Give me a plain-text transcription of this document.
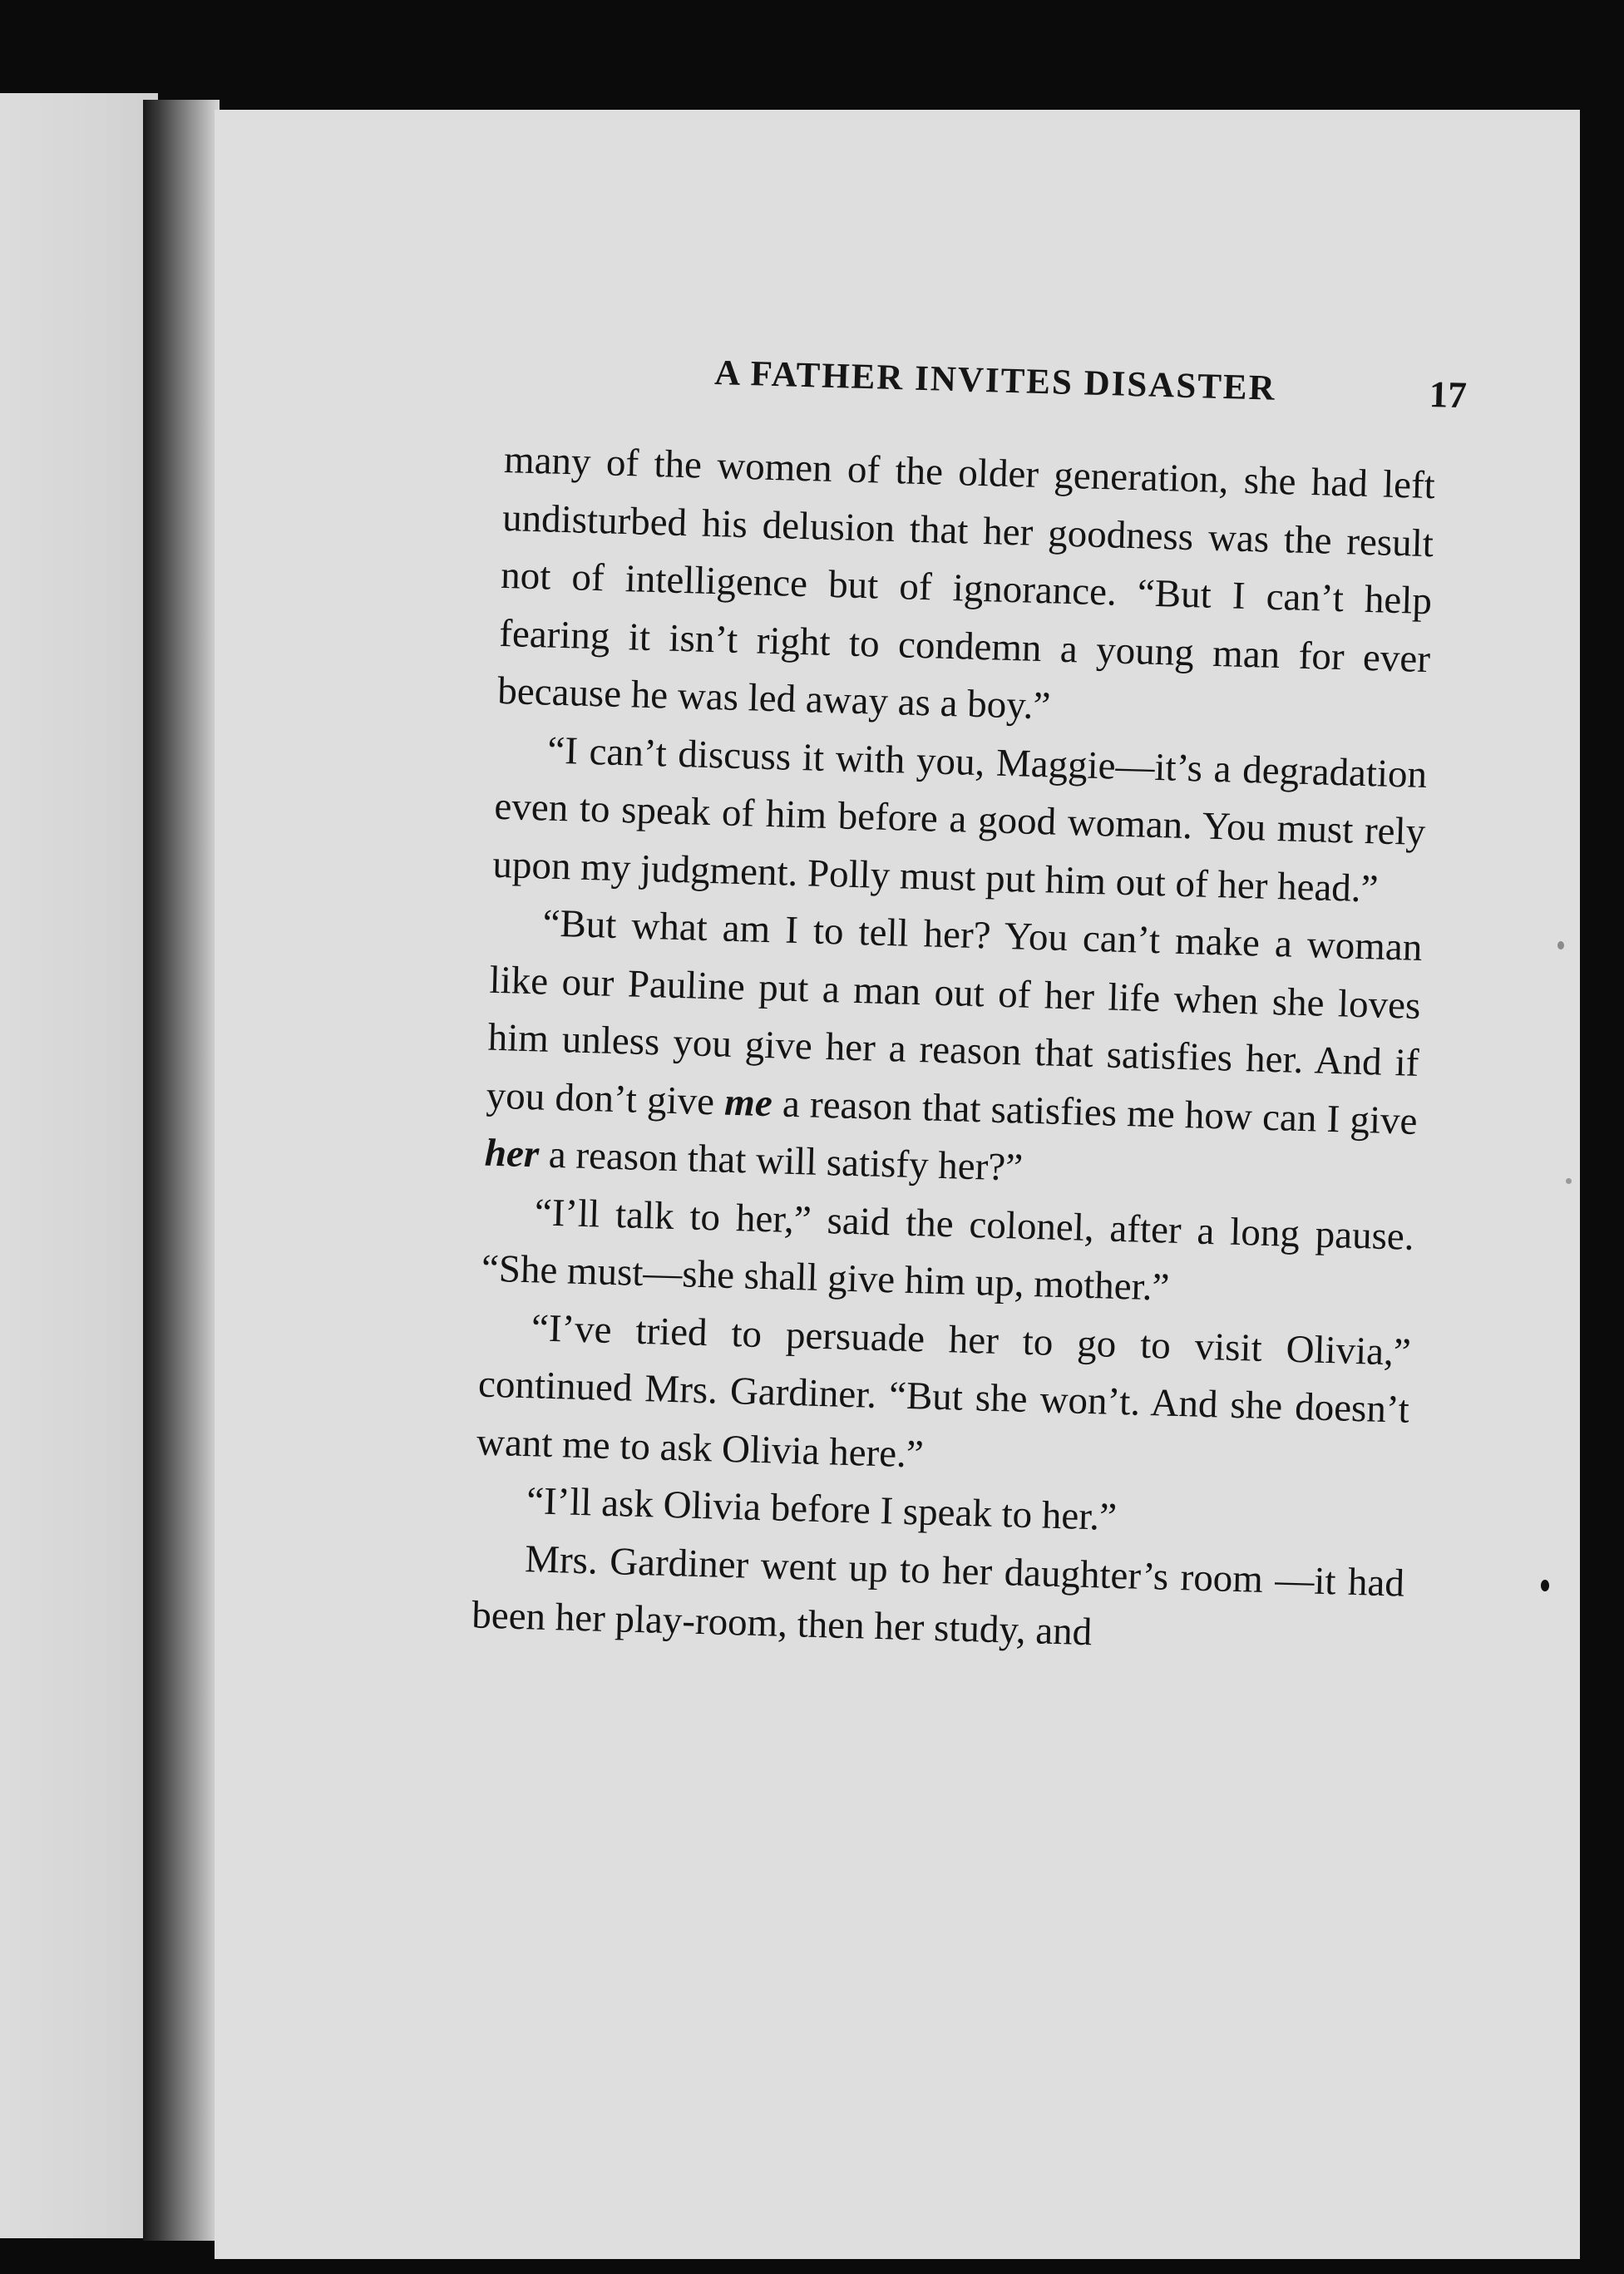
A FATHER INVITES DISASTER	17

many of the women of the older generation, she had left undisturbed his delusion that her goodness was the result not of intelligence but of ignorance. “But I can’t help fearing it isn’t right to condemn a young man for ever because he was led away as a boy.”

“I can’t discuss it with you, Maggie—it’s a degradation even to speak of him before a good woman. You must rely upon my judgment. Polly must put him out of her head.”

“But what am I to tell her? You can’t make a woman like our Pauline put a man out of her life when she loves him unless you give her a reason that satisfies her. And if you don’t give me a reason that satisfies me how can I give her a reason that will satisfy her?”

“I’ll talk to her,” said the colonel, after a long pause. “She must—she shall give him up, mother.”

“I’ve tried to persuade her to go to visit Olivia,” continued Mrs. Gardiner. “But she won’t. And she doesn’t want me to ask Olivia here.”

“I’ll ask Olivia before I speak to her.”

Mrs. Gardiner went up to her daughter’s room —it had been her play-room, then her study, and
